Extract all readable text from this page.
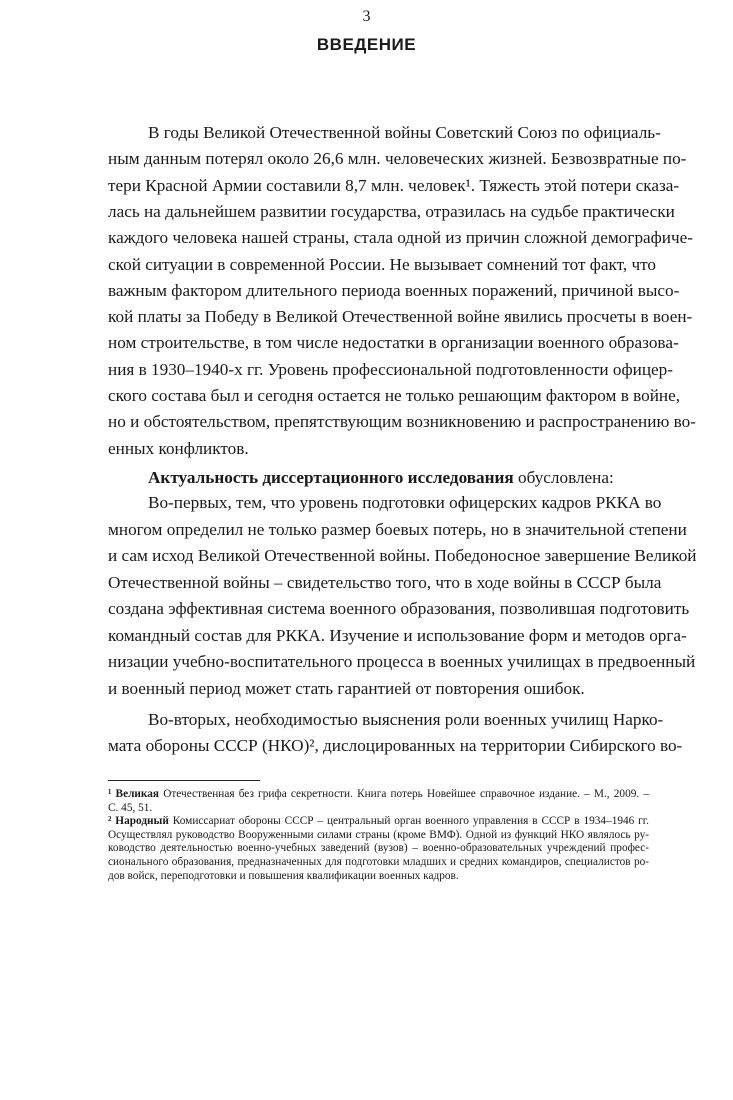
3
ВВЕДЕНИЕ
В годы Великой Отечественной войны Советский Союз по официаль-
ным данным потерял около 26,6 млн. человеческих жизней. Безвозвратные по-
тери Красной Армии составили 8,7 млн. человек¹. Тяжесть этой потери сказа-
лась на дальнейшем развитии государства, отразилась на судьбе практически
каждого человека нашей страны, стала одной из причин сложной демографиче-
ской ситуации в современной России. Не вызывает сомнений тот факт, что
важным фактором длительного периода военных поражений, причиной высо-
кой платы за Победу в Великой Отечественной войне явились просчеты в воен-
ном строительстве, в том числе недостатки в организации военного образова-
ния в 1930–1940-х гг. Уровень профессиональной подготовленности офицер-
ского состава был и сегодня остается не только решающим фактором в войне,
но и обстоятельством, препятствующим возникновению и распространению во-
енных конфликтов.
Актуальность диссертационного исследования обусловлена:
Во-первых, тем, что уровень подготовки офицерских кадров РККА во
многом определил не только размер боевых потерь, но в значительной степени
и сам исход Великой Отечественной войны. Победоносное завершение Великой
Отечественной войны – свидетельство того, что в ходе войны в СССР была
создана эффективная система военного образования, позволившая подготовить
командный состав для РККА. Изучение и использование форм и методов орга-
низации учебно-воспитательного процесса в военных училищах в предвоенный
и военный период может стать гарантией от повторения ошибок.
Во-вторых, необходимостью выяснения роли военных училищ Нарко-
мата обороны СССР (НКО)², дислоцированных на территории Сибирского во-
¹ Великая Отечественная без грифа секретности. Книга потерь Новейшее справочное издание. – М., 2009. –
С. 45, 51.
² Народный Комиссариат обороны СССР – центральный орган военного управления в СССР в 1934–1946 гг.
Осуществлял руководство Вооруженными силами страны (кроме ВМФ). Одной из функций НКО являлось ру-
ководство деятельностью военно-учебных заведений (вузов) – военно-образовательных учреждений профес-
сионального образования, предназначенных для подготовки младших и средних командиров, специалистов ро-
дов войск, переподготовки и повышения квалификации военных кадров.
